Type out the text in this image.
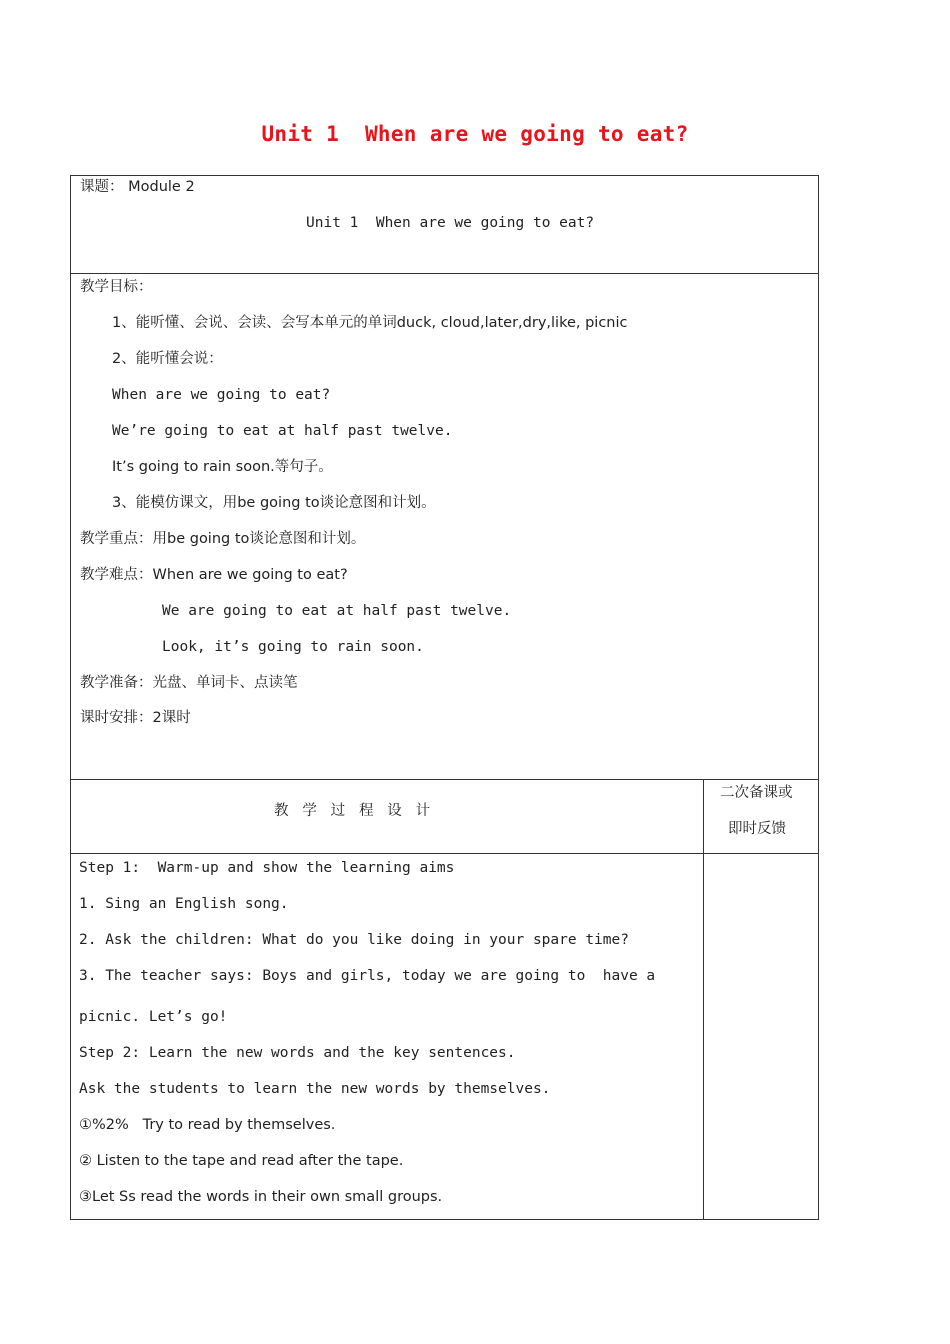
Unit 1  When are we going to eat?
课题： Module 2
Unit 1  When are we going to eat?
教学目标：
1、能听懂、会说、会读、会写本单元的单词duck, cloud,later,dry,like, picnic
2、能听懂会说：
When are we going to eat?
We’re going to eat at half past twelve.
It’s going to rain soon.等句子。
3、能模仿课文，用be going to谈论意图和计划。
教学重点：用be going to谈论意图和计划。
教学难点：When are we going to eat?
We are going to eat at half past twelve.
Look, it’s going to rain soon.
教学准备：光盘、单词卡、点读笔
课时安排：2课时
教   学   过   程   设   计
二次备课或
即时反馈
Step 1:  Warm-up and show the learning aims
1. Sing an English song.
2. Ask the children: What do you like doing in your spare time?
3. The teacher says: Boys and girls, today we are going to  have a
picnic. Let’s go!
Step 2: Learn the new words and the key sentences.
Ask the students to learn the new words by themselves.
①%2%   Try to read by themselves.
② Listen to the tape and read after the tape.
③Let Ss read the words in their own small groups.
